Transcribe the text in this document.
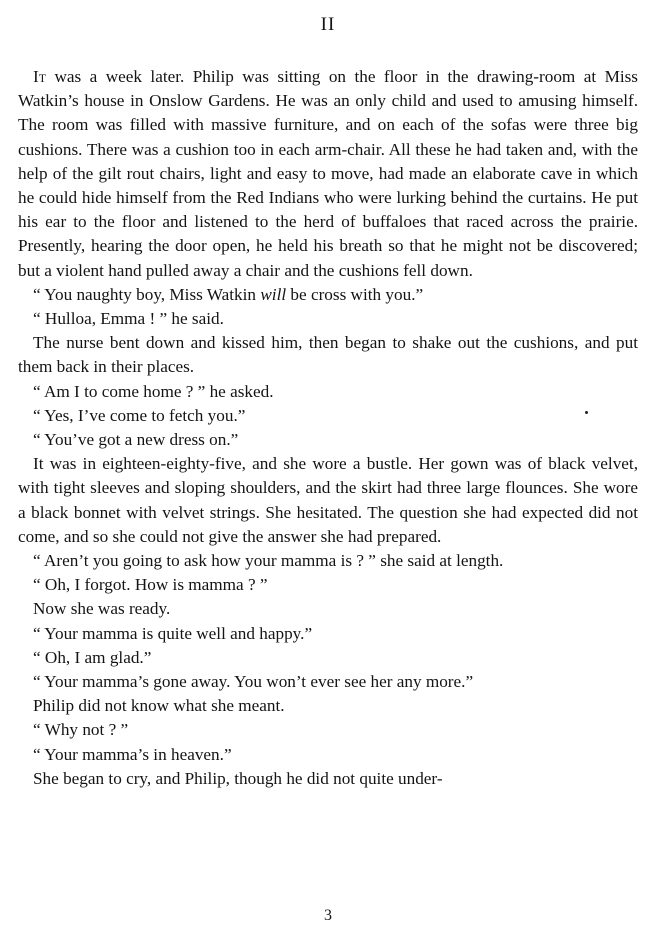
II

It was a week later. Philip was sitting on the floor in the drawing-room at Miss Watkin’s house in Onslow Gardens. He was an only child and used to amusing himself. The room was filled with massive furniture, and on each of the sofas were three big cushions. There was a cushion too in each arm-chair. All these he had taken and, with the help of the gilt rout chairs, light and easy to move, had made an elaborate cave in which he could hide himself from the Red Indians who were lurking behind the curtains. He put his ear to the floor and listened to the herd of buffaloes that raced across the prairie. Presently, hearing the door open, he held his breath so that he might not be discovered; but a violent hand pulled away a chair and the cushions fell down.

“ You naughty boy, Miss Watkin will be cross with you.”

“ Hulloa, Emma ! ” he said.

The nurse bent down and kissed him, then began to shake out the cushions, and put them back in their places.

“ Am I to come home ? ” he asked.

“ Yes, I’ve come to fetch you.”

“ You’ve got a new dress on.”

It was in eighteen-eighty-five, and she wore a bustle. Her gown was of black velvet, with tight sleeves and sloping shoulders, and the skirt had three large flounces. She wore a black bonnet with velvet strings. She hesitated. The question she had expected did not come, and so she could not give the answer she had prepared.

“ Aren’t you going to ask how your mamma is ? ” she said at length.

“ Oh, I forgot. How is mamma ? ”

Now she was ready.

“ Your mamma is quite well and happy.”

“ Oh, I am glad.”

“ Your mamma’s gone away. You won’t ever see her any more.”

Philip did not know what she meant.

“ Why not ? ”

“ Your mamma’s in heaven.”

She began to cry, and Philip, though he did not quite under-

3
